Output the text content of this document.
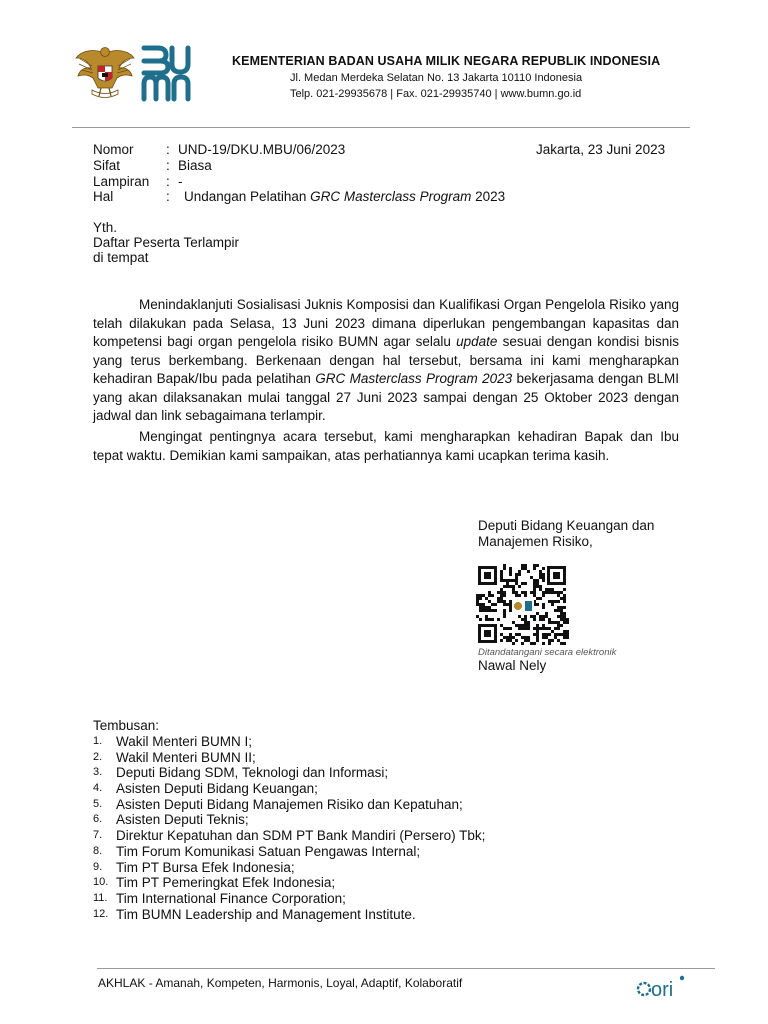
KEMENTERIAN BADAN USAHA MILIK NEGARA REPUBLIK INDONESIA
Jl. Medan Merdeka Selatan No. 13 Jakarta 10110 Indonesia
Telp. 021-29935678 | Fax. 021-29935740 | www.bumn.go.id
Nomor : UND-19/DKU.MBU/06/2023
Sifat	: Biasa
Lampiran : -
Hal	: Undangan Pelatihan GRC Masterclass Program 2023
Jakarta, 23 Juni 2023
Yth.
Daftar Peserta Terlampir
di tempat

Menindaklanjuti Sosialisasi Juknis Komposisi dan Kualifikasi Organ Pengelola Risiko yang telah dilakukan pada Selasa, 13 Juni 2023 dimana diperlukan pengembangan kapasitas dan kompetensi bagi organ pengelola risiko BUMN agar selalu update sesuai dengan kondisi bisnis yang terus berkembang. Berkenaan dengan hal tersebut, bersama ini kami mengharapkan kehadiran Bapak/Ibu pada pelatihan GRC Masterclass Program 2023 bekerjasama dengan BLMI yang akan dilaksanakan mulai tanggal 27 Juni 2023 sampai dengan 25 Oktober 2023 dengan jadwal dan link sebagaimana terlampir.

Mengingat pentingnya acara tersebut, kami mengharapkan kehadiran Bapak dan Ibu tepat waktu. Demikian kami sampaikan, atas perhatiannya kami ucapkan terima kasih.

Deputi Bidang Keuangan dan
Manajemen Risiko,
Ditandatangani secara elektronik
Nawal Nely
Tembusan:
1.	Wakil Menteri BUMN I;
2.	Wakil Menteri BUMN II;
3.	Deputi Bidang SDM, Teknologi dan Informasi;
4.	Asisten Deputi Bidang Keuangan;
5.	Asisten Deputi Bidang Manajemen Risiko dan Kepatuhan;
6.	Asisten Deputi Teknis;
7.	Direktur Kepatuhan dan SDM PT Bank Mandiri (Persero) Tbk;
8.	Tim Forum Komunikasi Satuan Pengawas Internal;
9.	Tim PT Bursa Efek Indonesia;
10. Tim PT Pemeringkat Efek Indonesia;
11. Tim International Finance Corporation;
12. Tim BUMN Leadership and Management Institute.
AKHLAK - Amanah, Kompeten, Harmonis, Loyal, Adaptif, Kolaboratif	ori
